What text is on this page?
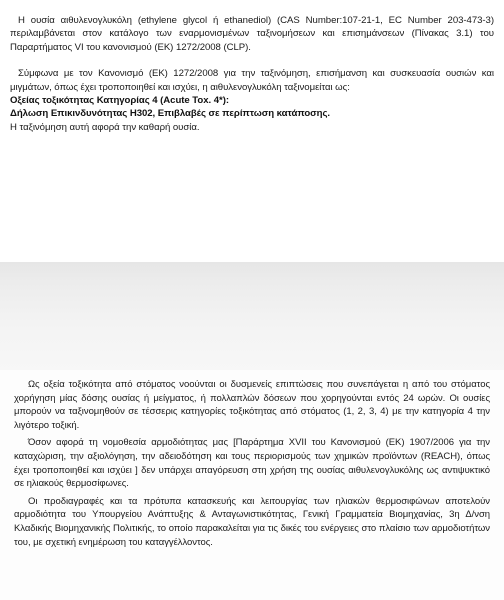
Η ουσία αιθυλενογλυκόλη (ethylene glycol ή ethanediol) (CAS Number:107-21-1, EC Number 203-473-3) περιλαμβάνεται στον κατάλογο των εναρμονισμένων ταξινομήσεων και επισημάνσεων (Πίνακας 3.1) του Παραρτήματος VI του κανονισμού (ΕΚ) 1272/2008 (CLP).

Σύμφωνα με τον Κανονισμό (ΕΚ) 1272/2008 για την ταξινόμηση, επισήμανση και συσκευασία ουσιών και μιγμάτων, όπως έχει τροποποιηθεί και ισχύει, η αιθυλενογλυκόλη ταξινομείται ως:

Οξείας τοξικότητας Κατηγορίας 4 (Acute Tox. 4*):

Δήλωση Επικινδυνότητας H302, Επιβλαβές σε περίπτωση κατάποσης.

Η ταξινόμηση αυτή αφορά την καθαρή ουσία.

Ως οξεία τοξικότητα από στόματος νοούνται οι δυσμενείς επιπτώσεις που συνεπάγεται η από του στόματος χορήγηση μίας δόσης ουσίας ή μείγματος, ή πολλαπλών δόσεων που χορηγούνται εντός 24 ωρών. Οι ουσίες μπορούν να ταξινομηθούν σε τέσσερις κατηγορίες τοξικότητας από στόματος (1, 2, 3, 4) με την κατηγορία 4 την λιγότερο τοξική.

Όσον αφορά τη νομοθεσία αρμοδιότητας μας [Παράρτημα XVII του Κανονισμού (ΕΚ) 1907/2006 για την καταχώριση, την αξιολόγηση, την αδειοδότηση και τους περιορισμούς των χημικών προϊόντων (REACH), όπως έχει τροποποιηθεί και ισχύει ] δεν υπάρχει απαγόρευση στη χρήση της ουσίας αιθυλενογλυκόλης ως αντιψυκτικό σε ηλιακούς θερμοσίφωνες.

Οι προδιαγραφές και τα πρότυπα κατασκευής και λειτουργίας των ηλιακών θερμοσιφώνων αποτελούν αρμοδιότητα του Υπουργείου Ανάπτυξης & Ανταγωνιστικότητας, Γενική Γραμματεία Βιομηχανίας, 3η Δ/νση Κλαδικής Βιομηχανικής Πολιτικής, το οποίο παρακαλείται για τις δικές του ενέργειες στο πλαίσιο των αρμοδιοτήτων του, με σχετική ενημέρωση του καταγγέλλοντος.
